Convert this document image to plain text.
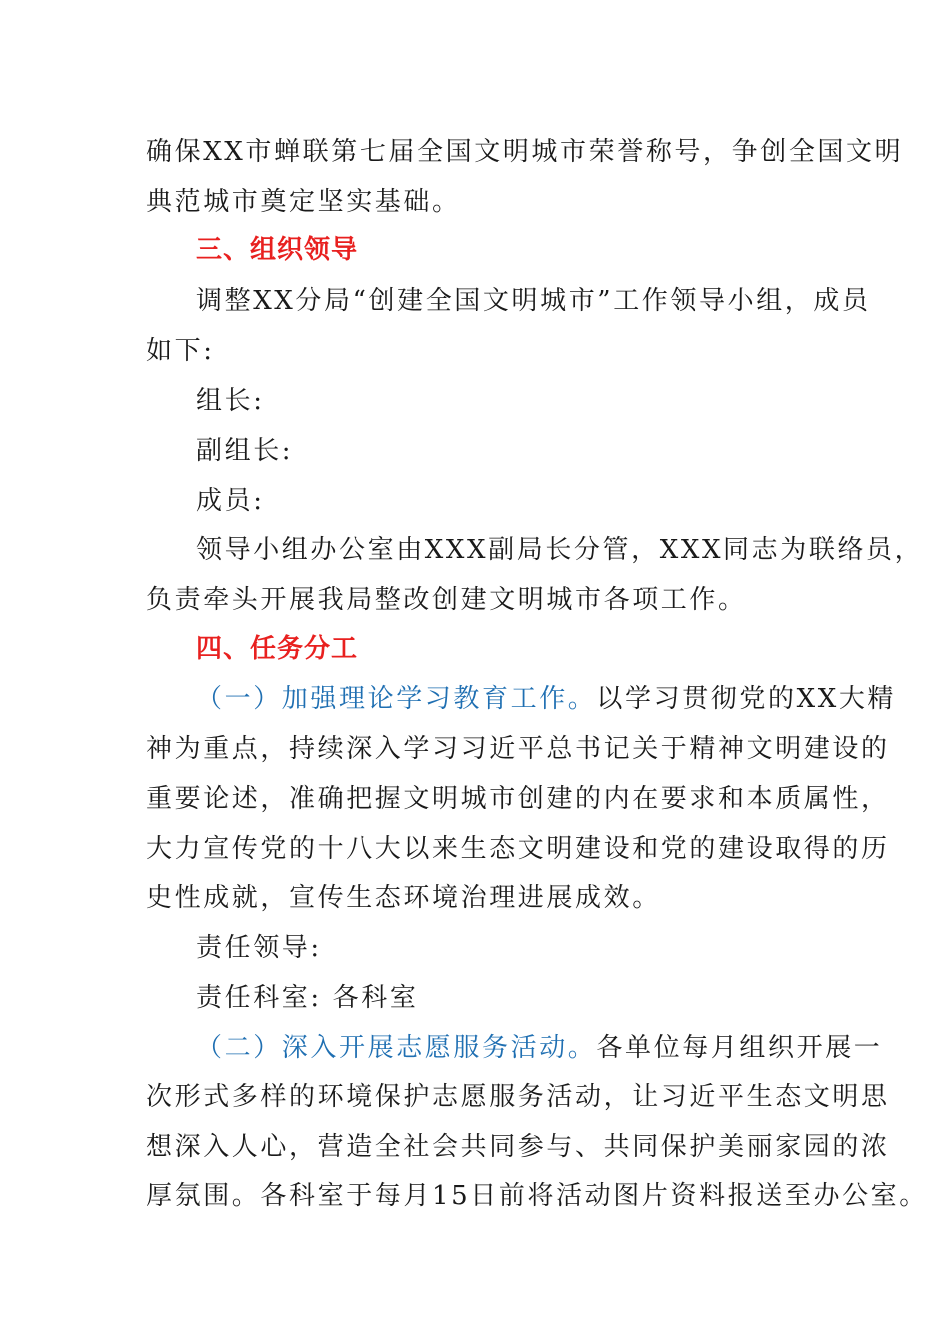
确保XX市蝉联第七届全国文明城市荣誉称号，争创全国文明
典范城市奠定坚实基础。
三、组织领导
调整XX分局“创建全国文明城市”工作领导小组，成员
如下:
组长:
副组长:
成员:
领导小组办公室由XXX副局长分管，XXX同志为联络员，
负责牵头开展我局整改创建文明城市各项工作。
四、任务分工
（一）加强理论学习教育工作。以学习贯彻党的XX大精
神为重点，持续深入学习习近平总书记关于精神文明建设的
重要论述，准确把握文明城市创建的内在要求和本质属性，
大力宣传党的十八大以来生态文明建设和党的建设取得的历
史性成就，宣传生态环境治理进展成效。
责任领导:
责任科室: 各科室
（二）深入开展志愿服务活动。各单位每月组织开展一
次形式多样的环境保护志愿服务活动，让习近平生态文明思
想深入人心，营造全社会共同参与、共同保护美丽家园的浓
厚氛围。各科室于每月15日前将活动图片资料报送至办公室。
